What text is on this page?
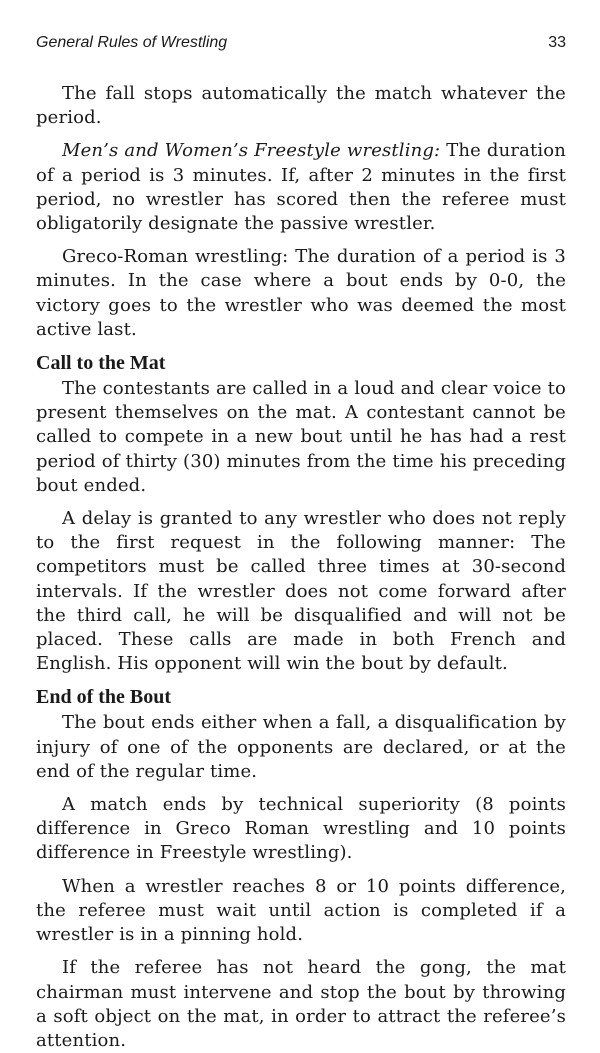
General Rules of Wrestling	33

The fall stops automatically the match whatever the period.

Men’s and Women’s Freestyle wrestling: The duration of a period is 3 minutes. If, after 2 minutes in the first period, no wrestler has scored then the referee must obligatorily designate the passive wrestler.

Greco-Roman wrestling: The duration of a period is 3 minutes. In the case where a bout ends by 0-0, the victory goes to the wrestler who was deemed the most active last.

Call to the Mat

The contestants are called in a loud and clear voice to present themselves on the mat. A contestant cannot be called to compete in a new bout until he has had a rest period of thirty (30) minutes from the time his preceding bout ended.

A delay is granted to any wrestler who does not reply to the first request in the following manner: The competitors must be called three times at 30-second intervals. If the wrestler does not come forward after the third call, he will be disqualified and will not be placed. These calls are made in both French and English. His opponent will win the bout by default.

End of the Bout

The bout ends either when a fall, a disqualification by injury of one of the opponents are declared, or at the end of the regular time.

A match ends by technical superiority (8 points difference in Greco Roman wrestling and 10 points difference in Freestyle wrestling).

When a wrestler reaches 8 or 10 points difference, the referee must wait until action is completed if a wrestler is in a pinning hold.

If the referee has not heard the gong, the mat chairman must intervene and stop the bout by throwing a soft object on the mat, in order to attract the referee’s attention.
